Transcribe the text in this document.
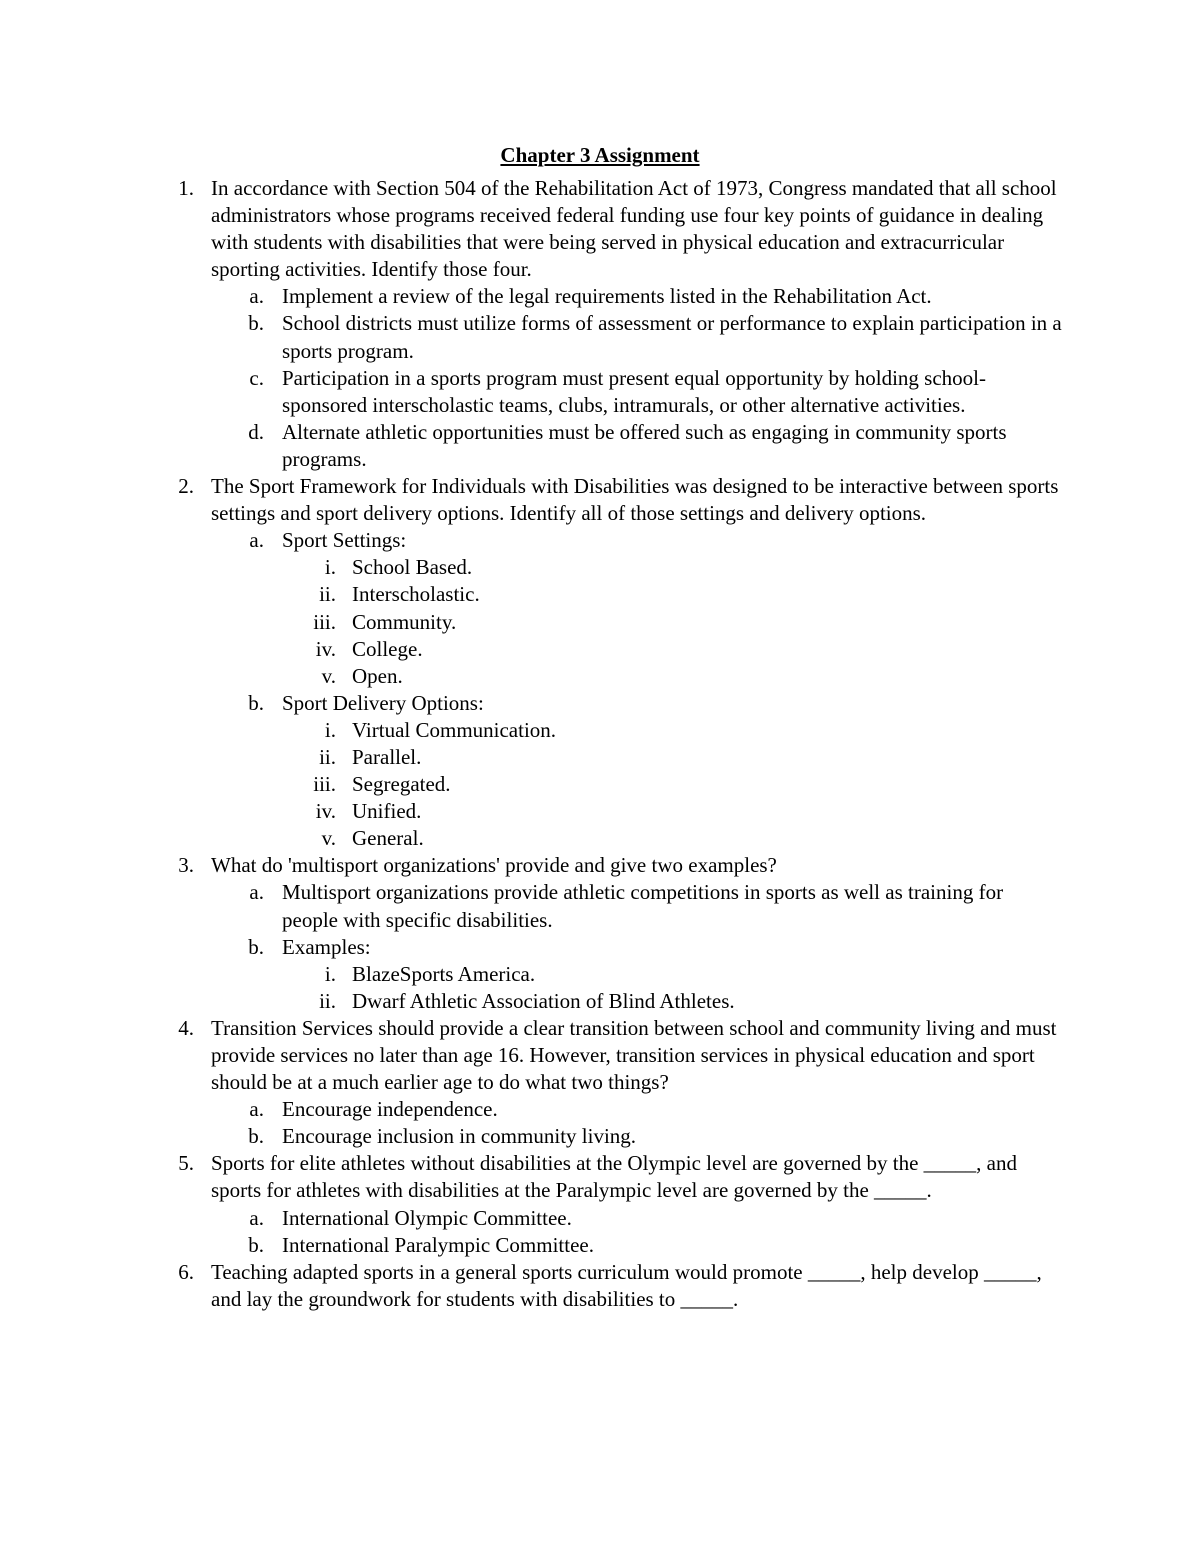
Chapter 3 Assignment
1. In accordance with Section 504 of the Rehabilitation Act of 1973, Congress mandated that all school administrators whose programs received federal funding use four key points of guidance in dealing with students with disabilities that were being served in physical education and extracurricular sporting activities. Identify those four.
a. Implement a review of the legal requirements listed in the Rehabilitation Act.
b. School districts must utilize forms of assessment or performance to explain participation in a sports program.
c. Participation in a sports program must present equal opportunity by holding school-sponsored interscholastic teams, clubs, intramurals, or other alternative activities.
d. Alternate athletic opportunities must be offered such as engaging in community sports programs.
2. The Sport Framework for Individuals with Disabilities was designed to be interactive between sports settings and sport delivery options. Identify all of those settings and delivery options.
a. Sport Settings:
i. School Based.
ii. Interscholastic.
iii. Community.
iv. College.
v. Open.
b. Sport Delivery Options:
i. Virtual Communication.
ii. Parallel.
iii. Segregated.
iv. Unified.
v. General.
3. What do 'multisport organizations' provide and give two examples?
a. Multisport organizations provide athletic competitions in sports as well as training for people with specific disabilities.
b. Examples:
i. BlazeSports America.
ii. Dwarf Athletic Association of Blind Athletes.
4. Transition Services should provide a clear transition between school and community living and must provide services no later than age 16. However, transition services in physical education and sport should be at a much earlier age to do what two things?
a. Encourage independence.
b. Encourage inclusion in community living.
5. Sports for elite athletes without disabilities at the Olympic level are governed by the _____, and sports for athletes with disabilities at the Paralympic level are governed by the _____.
a. International Olympic Committee.
b. International Paralympic Committee.
6. Teaching adapted sports in a general sports curriculum would promote _____, help develop _____, and lay the groundwork for students with disabilities to _____.
